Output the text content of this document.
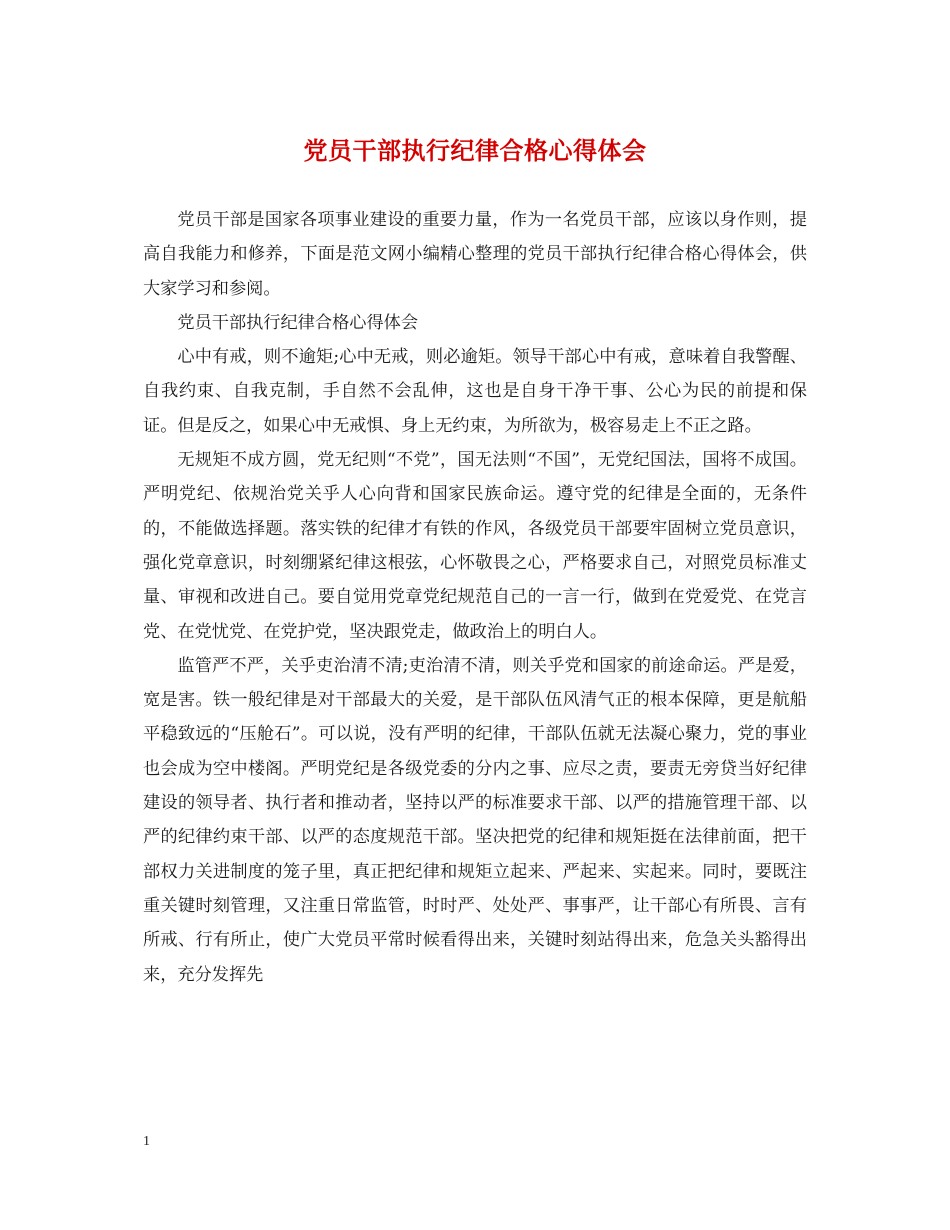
党员干部执行纪律合格心得体会

党员干部是国家各项事业建设的重要力量，作为一名党员干部，应该以身作则，提高自我能力和修养，下面是范文网小编精心整理的党员干部执行纪律合格心得体会，供大家学习和参阅。

党员干部执行纪律合格心得体会

心中有戒，则不逾矩;心中无戒，则必逾矩。领导干部心中有戒，意味着自我警醒、自我约束、自我克制，手自然不会乱伸，这也是自身干净干事、公心为民的前提和保证。但是反之，如果心中无戒惧、身上无约束，为所欲为，极容易走上不正之路。

无规矩不成方圆，党无纪则“不党”，国无法则“不国”，无党纪国法，国将不成国。严明党纪、依规治党关乎人心向背和国家民族命运。遵守党的纪律是全面的，无条件的，不能做选择题。落实铁的纪律才有铁的作风，各级党员干部要牢固树立党员意识，强化党章意识，时刻绷紧纪律这根弦，心怀敬畏之心，严格要求自己，对照党员标准丈量、审视和改进自己。要自觉用党章党纪规范自己的一言一行，做到在党爱党、在党言党、在党忧党、在党护党，坚决跟党走，做政治上的明白人。

监管严不严，关乎吏治清不清;吏治清不清，则关乎党和国家的前途命运。严是爱，宽是害。铁一般纪律是对干部最大的关爱，是干部队伍风清气正的根本保障，更是航船平稳致远的“压舱石”。可以说，没有严明的纪律，干部队伍就无法凝心聚力，党的事业也会成为空中楼阁。严明党纪是各级党委的分内之事、应尽之责，要责无旁贷当好纪律建设的领导者、执行者和推动者，坚持以严的标准要求干部、以严的措施管理干部、以严的纪律约束干部、以严的态度规范干部。坚决把党的纪律和规矩挺在法律前面，把干部权力关进制度的笼子里，真正把纪律和规矩立起来、严起来、实起来。同时，要既注重关键时刻管理，又注重日常监管，时时严、处处严、事事严，让干部心有所畏、言有所戒、行有所止，使广大党员平常时候看得出来，关键时刻站得出来，危急关头豁得出来，充分发挥先

1
